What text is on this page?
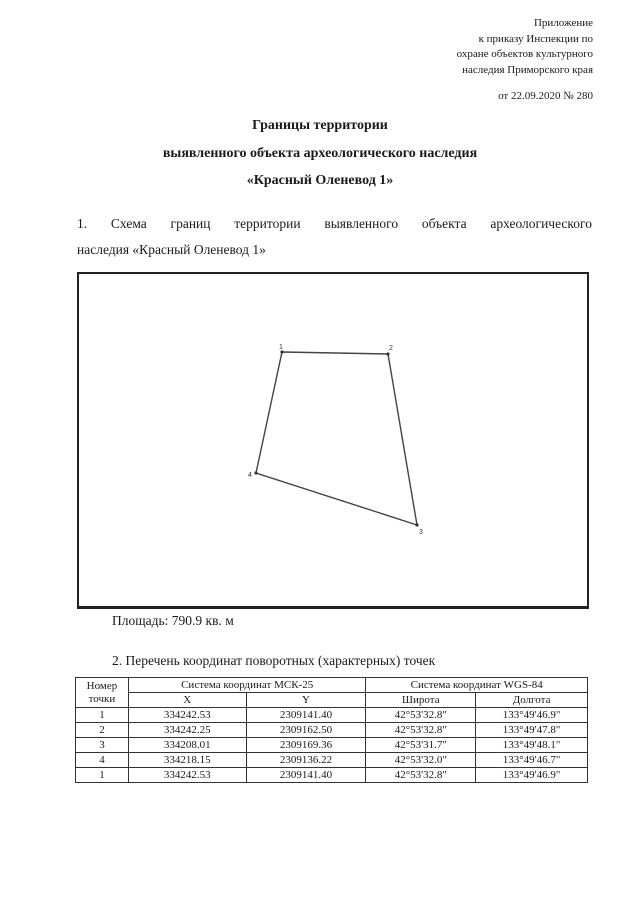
Приложение
к приказу Инспекции по
охране объектов культурного
наследия Приморского края
от 22.09.2020 № 280
Границы территории
выявленного объекта археологического наследия
«Красный Оленевод 1»
1. Схема границ территории выявленного объекта археологического
наследия «Красный Оленевод 1»
1	2
3
4
Площадь: 790.9 кв. м
2. Перечень координат поворотных (характерных) точек
Номер
точки	Система координат МСК-25		Система координат WGS-84	
	X	Y	Широта	Долгота
1	334242.53	2309141.40	42°53'32.8"	133°49'46.9"
2	334242.25	2309162.50	42°53'32.8"	133°49'47.8"
3	334208.01	2309169.36	42°53'31.7"	133°49'48.1"
4	334218.15	2309136.22	42°53'32.0"	133°49'46.7"
1	334242.53	2309141.40	42°53'32.8"	133°49'46.9"
